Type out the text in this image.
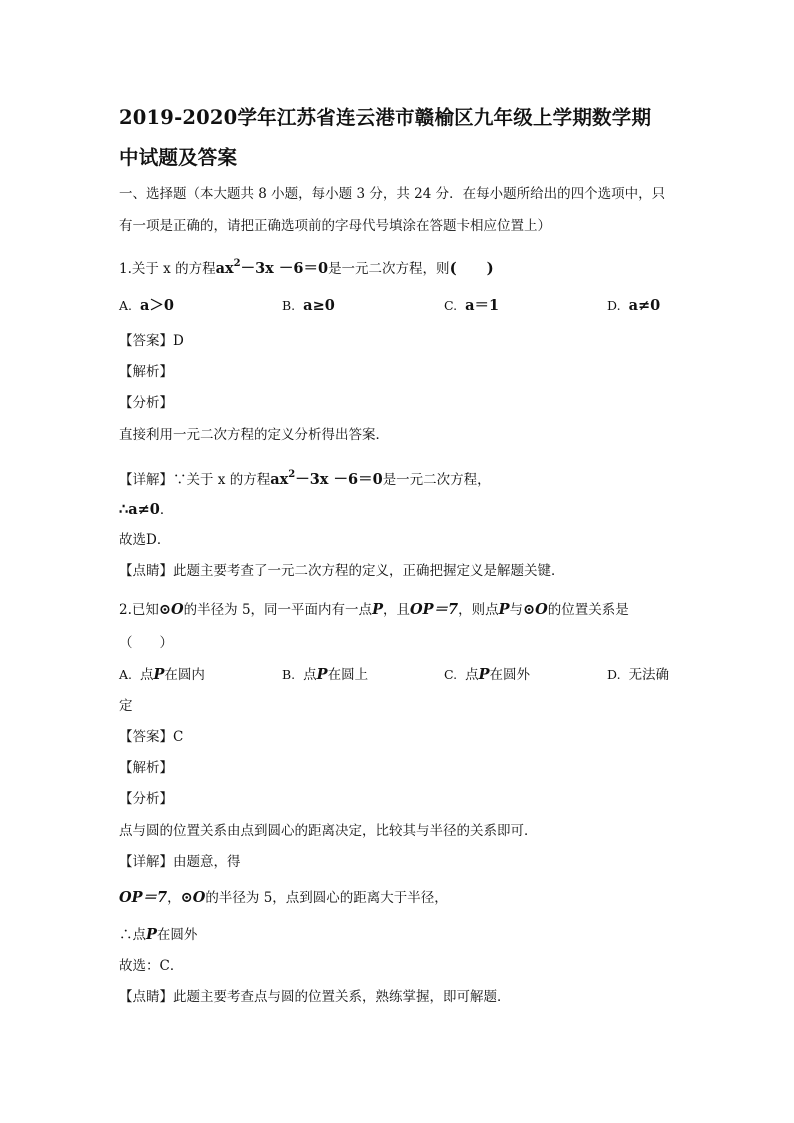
2019-2020学年江苏省连云港市赣榆区九年级上学期数学期
中试题及答案
一、选择题（本大题共 8 小题，每小题 3 分，共 24 分．在每小题所给出的四个选项中，只
有一项是正确的，请把正确选项前的字母代号填涂在答题卡相应位置上）
1.关于 x 的方程$ax^2-3x -6=0$是一元二次方程，则(　　)
A. a＞0	B. a≥0	C. a＝1	D. a≠0
【答案】D
【解析】
【分析】
直接利用一元二次方程的定义分析得出答案．
【详解】∵关于 x 的方程$ax^2-3x -6=0$是一元二次方程，
∴a≠0．
故选D．
【点睛】此题主要考查了一元二次方程的定义，正确把握定义是解题关键．
2.已知⊙O的半径为 5，同一平面内有一点P，且OP＝7，则点P与⊙O的位置关系是
（　　）
A. 点P在圆内	B. 点P在圆上	C. 点P在圆外	D. 无法确
定
【答案】C
【解析】
【分析】
点与圆的位置关系由点到圆心的距离决定，比较其与半径的关系即可．
【详解】由题意，得
OP＝7，⊙O的半径为 5，点到圆心的距离大于半径，
∴点P在圆外
故选：C．
【点睛】此题主要考查点与圆的位置关系，熟练掌握，即可解题．
